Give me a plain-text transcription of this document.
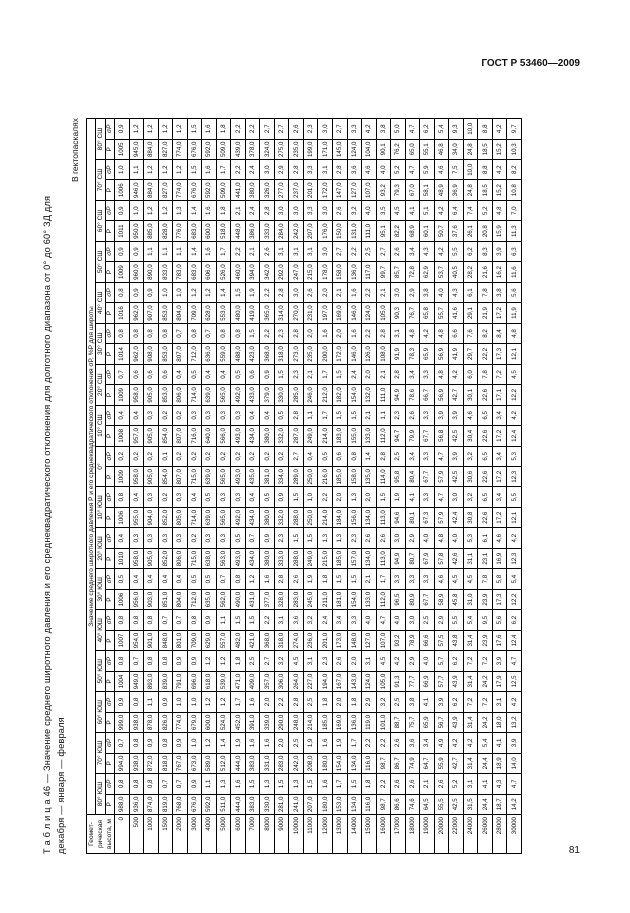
ГОСТ Р 53460—2009
Т а б л и ц а 46 — Значение среднего широтного давления и его среднеквадратического отклонения для долготного диапазона от 0° до 60° ЗД для декабря — января — февраля
В гектопаскалях
Геомет-рическая высота, м	Значение среднего широтного давления P и его среднеквадратического отклонения σP, %P для широты																																	
	80° ЮШ		70° ЮШ		60° ЮШ		50° ЮШ		40° ЮШ		30° ЮШ		20° ЮШ		10° ЮШ		0°		10° СШ		20° СШ		30° СШ		40° СШ		50° СШ		60° СШ		70° СШ		80° СШ	
	P	σP	P	σP	P	σP	P	σP	P	σP	P	σP	P	σP	P	σP	P	σP	P	σP	P	σP	P	σP	P	σP	P	σP	P	σP	P	σP	P	σP
0	988,0	0,8	994,0	0,7	999,0	0,9	1004	0,8	1007	0,8	1006	0,5	1010	0,4	1006	0,8	1009	0,2	1008	0,4	1009	0,7	1014	0,8	1016	0,8	1009	0,9	1011	0,9	1006	1,0	1005	0,9
500	936,0	0,8	938,0	0,8	938,0	0,8	949,0	0,7	954,0	0,8	956,0	0,4	958,0	0,3	955,0	0,4	958,0	0,2	957,0	0,4	958,0	0,6	962,0	0,8	962,0	0,9	960,0	0,9	950,0	1,0	946,0	1,1	945,0	1,2
1000	874,0	0,8	872,0	0,9	878,0	1,1	893,0	0,8	901,0	0,8	903,0	0,4	905,0	0,3	904,0	0,3	905,0	0,2	905,0	0,3	905,0	0,6	908,0	0,8	907,0	0,9	890,0	1,1	885,0	1,2	884,0	1,2	884,0	1,2
1500	819,0	0,7	818,0	0,8	826,0	0,9	839,0	0,8	848,0	0,7	851,0	0,4	852,0	0,3	852,0	0,2	854,0	0,1	854,0	0,2	853,0	0,6	853,0	0,8	853,0	1,0	833,0	1,1	828,0	1,2	827,0	1,2	827,0	1,2
2000	768,0	0,7	767,0	0,9	774,0	1,0	791,0	0,9	801,0	0,7	804,0	0,4	806,0	0,3	805,0	0,3	807,0	0,2	807,0	0,2	806,0	0,4	807,0	0,7	804,0	1,0	783,0	1,1	776,0	1,3	774,0	1,2	774,0	1,2
3000	676,0	0,9	673,0	1,0	679,0	1,0	696,0	0,9	709,0	0,8	712,0	0,5	715,0	0,2	714,0	0,4	715,0	0,2	716,0	0,3	714,0	0,5	712,0	0,8	709,0	1,2	683,0	1,4	683,0	1,4	676,0	1,5	676,0	1,5
4000	592,0	1,1	589,0	1,2	600,0	1,2	618,0	1,2	629,0	0,9	635,0	0,5	638,0	0,3	639,0	0,5	639,0	0,2	640,0	0,3	639,0	0,4	636,0	0,7	628,0	1,2	606,0	1,6	600,0	1,6	592,0	1,6	592,0	1,6
5000	511,0	1,3	512,0	1,4	524,0	1,2	539,0	1,2	557,0	1,1	562,0	0,7	563,0	0,3	565,0	0,3	565,0	0,2	566,0	0,3	565,0	0,4	559,0	0,8	553,0	1,4	526,0	1,7	518,0	1,8	509,0	1,7	509,0	1,8
6000	444,0	1,6	444,0	1,9	452,0	1,7	471,0	1,8	482,0	1,5	490,0	0,8	493,0	0,5	492,0	0,3	493,0	0,2	493,0	0,3	492,0	0,5	488,0	0,8	480,0	1,5	460,0	2,2	448,0	2,1	441,0	2,2	439,0	2,2
7000	383,0	1,5	383,0	1,6	391,0	1,6	409,0	2,5	421,0	1,5	431,0	1,2	434,0	0,7	434,0	0,4	435,0	0,2	434,0	0,4	433,0	0,6	423,0	1,5	419,0	1,9	394,0	2,1	386,0	2,4	380,0	2,4	378,0	2,2
8000	330,0	1,3	331,0	1,6	339,0	2,0	357,0	2,7	368,0	2,2	377,0	1,6	380,0	0,9	380,0	0,5	381,0	0,2	380,0	0,4	379,0	0,9	368,0	2,2	365,0	2,2	342,0	2,6	333,0	2,8	326,0	3,0	324,0	2,7
9000	281,0	1,5	283,0	2,0	290,0	2,2	306,0	3,2	318,0	3,1	328,0	2,8	333,0	2,3	332,0	0,9	334,0	0,2	332,0	0,5	330,0	1,5	318,0	2,3	314,0	2,8	292,0	3,1	284,0	3,0	277,0	2,9	275,0	2,7
10000	241,0	1,3	242,0	2,5	248,0	2,8	264,0	4,5	274,0	3,6	283,0	2,6	288,0	1,5	288,0	1,5	289,0	2,7	287,0	2,8	285,0	2,3	273,0	2,8	270,0	3,0	247,0	3,1	242,0	3,0	237,0	2,8	235,0	2,6
11000	207,0	1,5	208,0	1,9	214,0	2,5	227,0	3,1	236,0	3,2	245,0	1,9	249,0	1,5	250,0	1,0	250,0	0,4	249,0	1,1	246,0	2,1	235,0	2,0	231,0	2,6	215,0	3,1	207,0	3,3	201,0	3,3	199,0	2,3
12000	180,0	1,6	180,0	1,6	185,0	1,8	194,0	2,3	201,0	2,4	211,0	1,8	215,0	1,3	214,0	2,2	216,0	0,5	214,0	1,7	212,0	1,7	200,0	1,6	197,0	2,0	178,0	3,0	176,0	3,0	172,0	3,1	171,0	3,0
13000	153,0	1,7	154,0	1,9	169,0	2,0	167,0	2,6	173,0	3,4	181,0	1,5	185,0	1,3	184,0	2,0	185,0	0,6	183,0	1,5	182,0	1,5	172,0	2,0	169,0	2,1	158,0	2,7	150,0	2,6	147,0	2,8	145,0	2,7
14000	134,0	1,5	134,0	1,7	136,0	1,8	143,0	2,0	148,0	3,3	154,0	1,5	157,0	2,3	156,0	1,3	158,0	0,8	155,0	1,5	154,0	2,4	146,0	1,6	146,0	1,6	136,0	2,2	131,0	3,2	127,0	3,6	124,0	3,3
15000	116,0	1,8	116,0	2,2	119,0	2,9	124,0	3,1	127,0	4,0	133,0	2,1	134,0	2,6	134,0	2,0	135,0	1,4	133,0	2,1	132,0	2,0	126,0	2,2	124,0	2,2	117,0	2,5	111,0	4,0	107,0	4,6	104,0	4,2
16000	98,7	2,2	98,7	2,2	101,0	3,2	105,0	4,5	107,0	4,7	112,0	1,7	113,0	2,6	113,0	1,5	114,0	2,8	112,0	1,1	111,0	2,1	108,0	2,8	105,0	2,1	99,7	2,7	95,1	3,5	93,2	4,0	90,1	3,8
17000	86,6	2,6	86,7	2,6	88,7	2,5	91,3	4,2	93,2	4,0	96,5	3,3	94,9	3,0	94,6	1,9	95,8	2,5	94,7	2,3	94,9	2,8	91,9	3,1	90,3	3,0	85,7	2,6	82,2	4,5	79,3	5,2	76,2	5,0
18000	74,6	2,6	74,9	3,6	75,7	3,8	77,7	2,9	78,9	3,0	80,9	3,3	80,7	2,9	80,1	4,1	80,4	3,4	79,9	2,6	78,6	3,4	78,3	4,8	76,7	2,9	72,8	3,4	68,9	4,1	67,0	4,7	65,0	4,7
19000	64,5	2,1	64,7	3,4	65,9	4,1	66,9	4,0	66,6	2,5	67,7	3,3	67,9	4,0	67,3	3,3	67,7	3,3	67,7	3,3	66,7	3,3	65,9	4,2	65,8	3,8	62,9	4,3	60,1	5,1	58,1	5,9	55,1	6,2
20000	55,5	2,6	55,9	4,9	56,7	3,9	57,7	5,7	57,5	2,9	58,9	4,6	57,8	4,8	57,9	4,7	57,9	4,7	56,8	3,9	56,9	4,8	56,9	4,8	55,7	4,0	53,7	4,2	50,7	4,2	48,9	4,6	46,8	5,4
22000	42,5	5,2	42,7	4,2	43,9	6,2	43,9	6,2	43,8	5,5	45,8	4,5	42,6	4,0	42,4	3,0	42,5	3,9	42,5	3,9	42,7	4,2	41,9	6,6	41,6	4,3	40,5	5,5	37,6	6,4	36,9	7,5	34,0	9,3
24000	31,5	3,1	31,4	4,2	31,4	7,2	31,4	7,2	31,4	5,4	31,0	4,5	31,1	5,3	30,8	3,2	30,6	3,2	30,4	4,6	30,1	6,0	29,7	7,6	29,1	6,1	28,2	6,2	26,1	7,4	24,8	10,0	24,8	10,0
26000	24,4	4,1	24,4	5,4	24,2	7,2	24,2	7,2	23,9	9,5	23,9	7,8	23,1	6,1	22,6	6,5	22,6	6,5	22,6	6,5	22,6	7,8	22,2	8,2	21,9	7,8	21,6	8,3	20,8	5,2	18,5	8,8	18,5	8,8
28000	18,7	4,3	18,9	4,1	18,0	3,1	17,9	3,9	17,6	5,6	17,3	5,8	16,9	4,6	17,2	3,4	17,2	3,4	17,2	3,4	17,1	7,2	17,3	8,4	17,2	3,8	16,2	3,9	15,9	4,8	15,2	4,2	15,2	4,2
30000	14,2	4,7	14,0	3,9	13,2	4,2	12,5	4,7	12,4	6,2	12,2	5,4	12,3	4,2	12,1	5,5	12,3	5,3	12,4	4,2	12,2	4,5	12,1	4,8	11,9	5,6	11,6	6,3	11,3	7,0	10,8	8,2	10,3	9,7
81
